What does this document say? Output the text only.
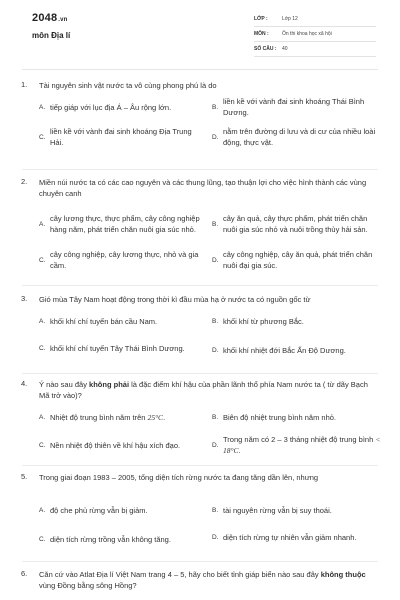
2048.vn
môn Địa lí
LỚP :	Lớp 12
MÔN :	Ôn thi khoa học xã hội
SỐ CÂU :	40
1. Tài nguyên sinh vật nước ta vô cùng phong phú là do
A. tiếp giáp với lục địa Á – Âu rộng lớn.	B.
liền kề với vành đai sinh khoáng Thái Bình Dương.
C.
liền kề với vành đai sinh khoáng Địa Trung Hải.
D.
nằm trên đường di lưu và di cư của nhiều loài động, thực vật.
2. Miền núi nước ta có các cao nguyên và các thung lũng, tạo thuận lợi cho việc hình thành các vùng chuyên canh
A.
cây lương thực, thực phẩm, cây công nghiệp hàng năm, phát triển chăn nuôi gia súc nhỏ.
B.
cây ăn quả, cây thực phẩm, phát triển chăn nuôi gia súc nhỏ và nuôi trồng thủy hải sản.
C.
cây công nghiệp, cây lương thực, nhỏ và gia cầm.
D.
cây công nghiệp, cây ăn quả, phát triển chăn nuôi đại gia súc.
3. Gió mùa Tây Nam hoạt động trong thời kì đầu mùa hạ ở nước ta có nguồn gốc từ
A. khối khí chí tuyến bán cầu Nam.	B. khối khí từ phương Bắc.
C. khối khí chí tuyến Tây Thái Bình Dương.	D. khối khí nhiệt đới Bắc Ấn Độ Dương.
4. Ý nào sau đây không phải là đặc điểm khí hậu của phần lãnh thổ phía Nam nước ta ( từ dãy Bạch Mã trở vào)?
A. Nhiệt độ trung bình năm trên 25°C.	B. Biên độ nhiệt trung bình năm nhỏ.
C. Nền nhiệt độ thiên về khí hậu xích đạo.	D.
Trong năm có 2 – 3 tháng nhiệt độ trung bình < 18°C.
5. Trong giai đoạn 1983 – 2005, tổng diện tích rừng nước ta đang tăng dần lên, nhưng
A. độ che phủ rừng vẫn bị giảm.	B. tài nguyên rừng vẫn bị suy thoái.
C. diện tích rừng trồng vẫn không tăng.	D. diện tích rừng tự nhiên vẫn giảm nhanh.
6. Căn cứ vào Atlat Địa lí Việt Nam trang 4 – 5, hãy cho biết tỉnh giáp biển nào sau đây không thuộc vùng Đồng bằng sông Hồng?
